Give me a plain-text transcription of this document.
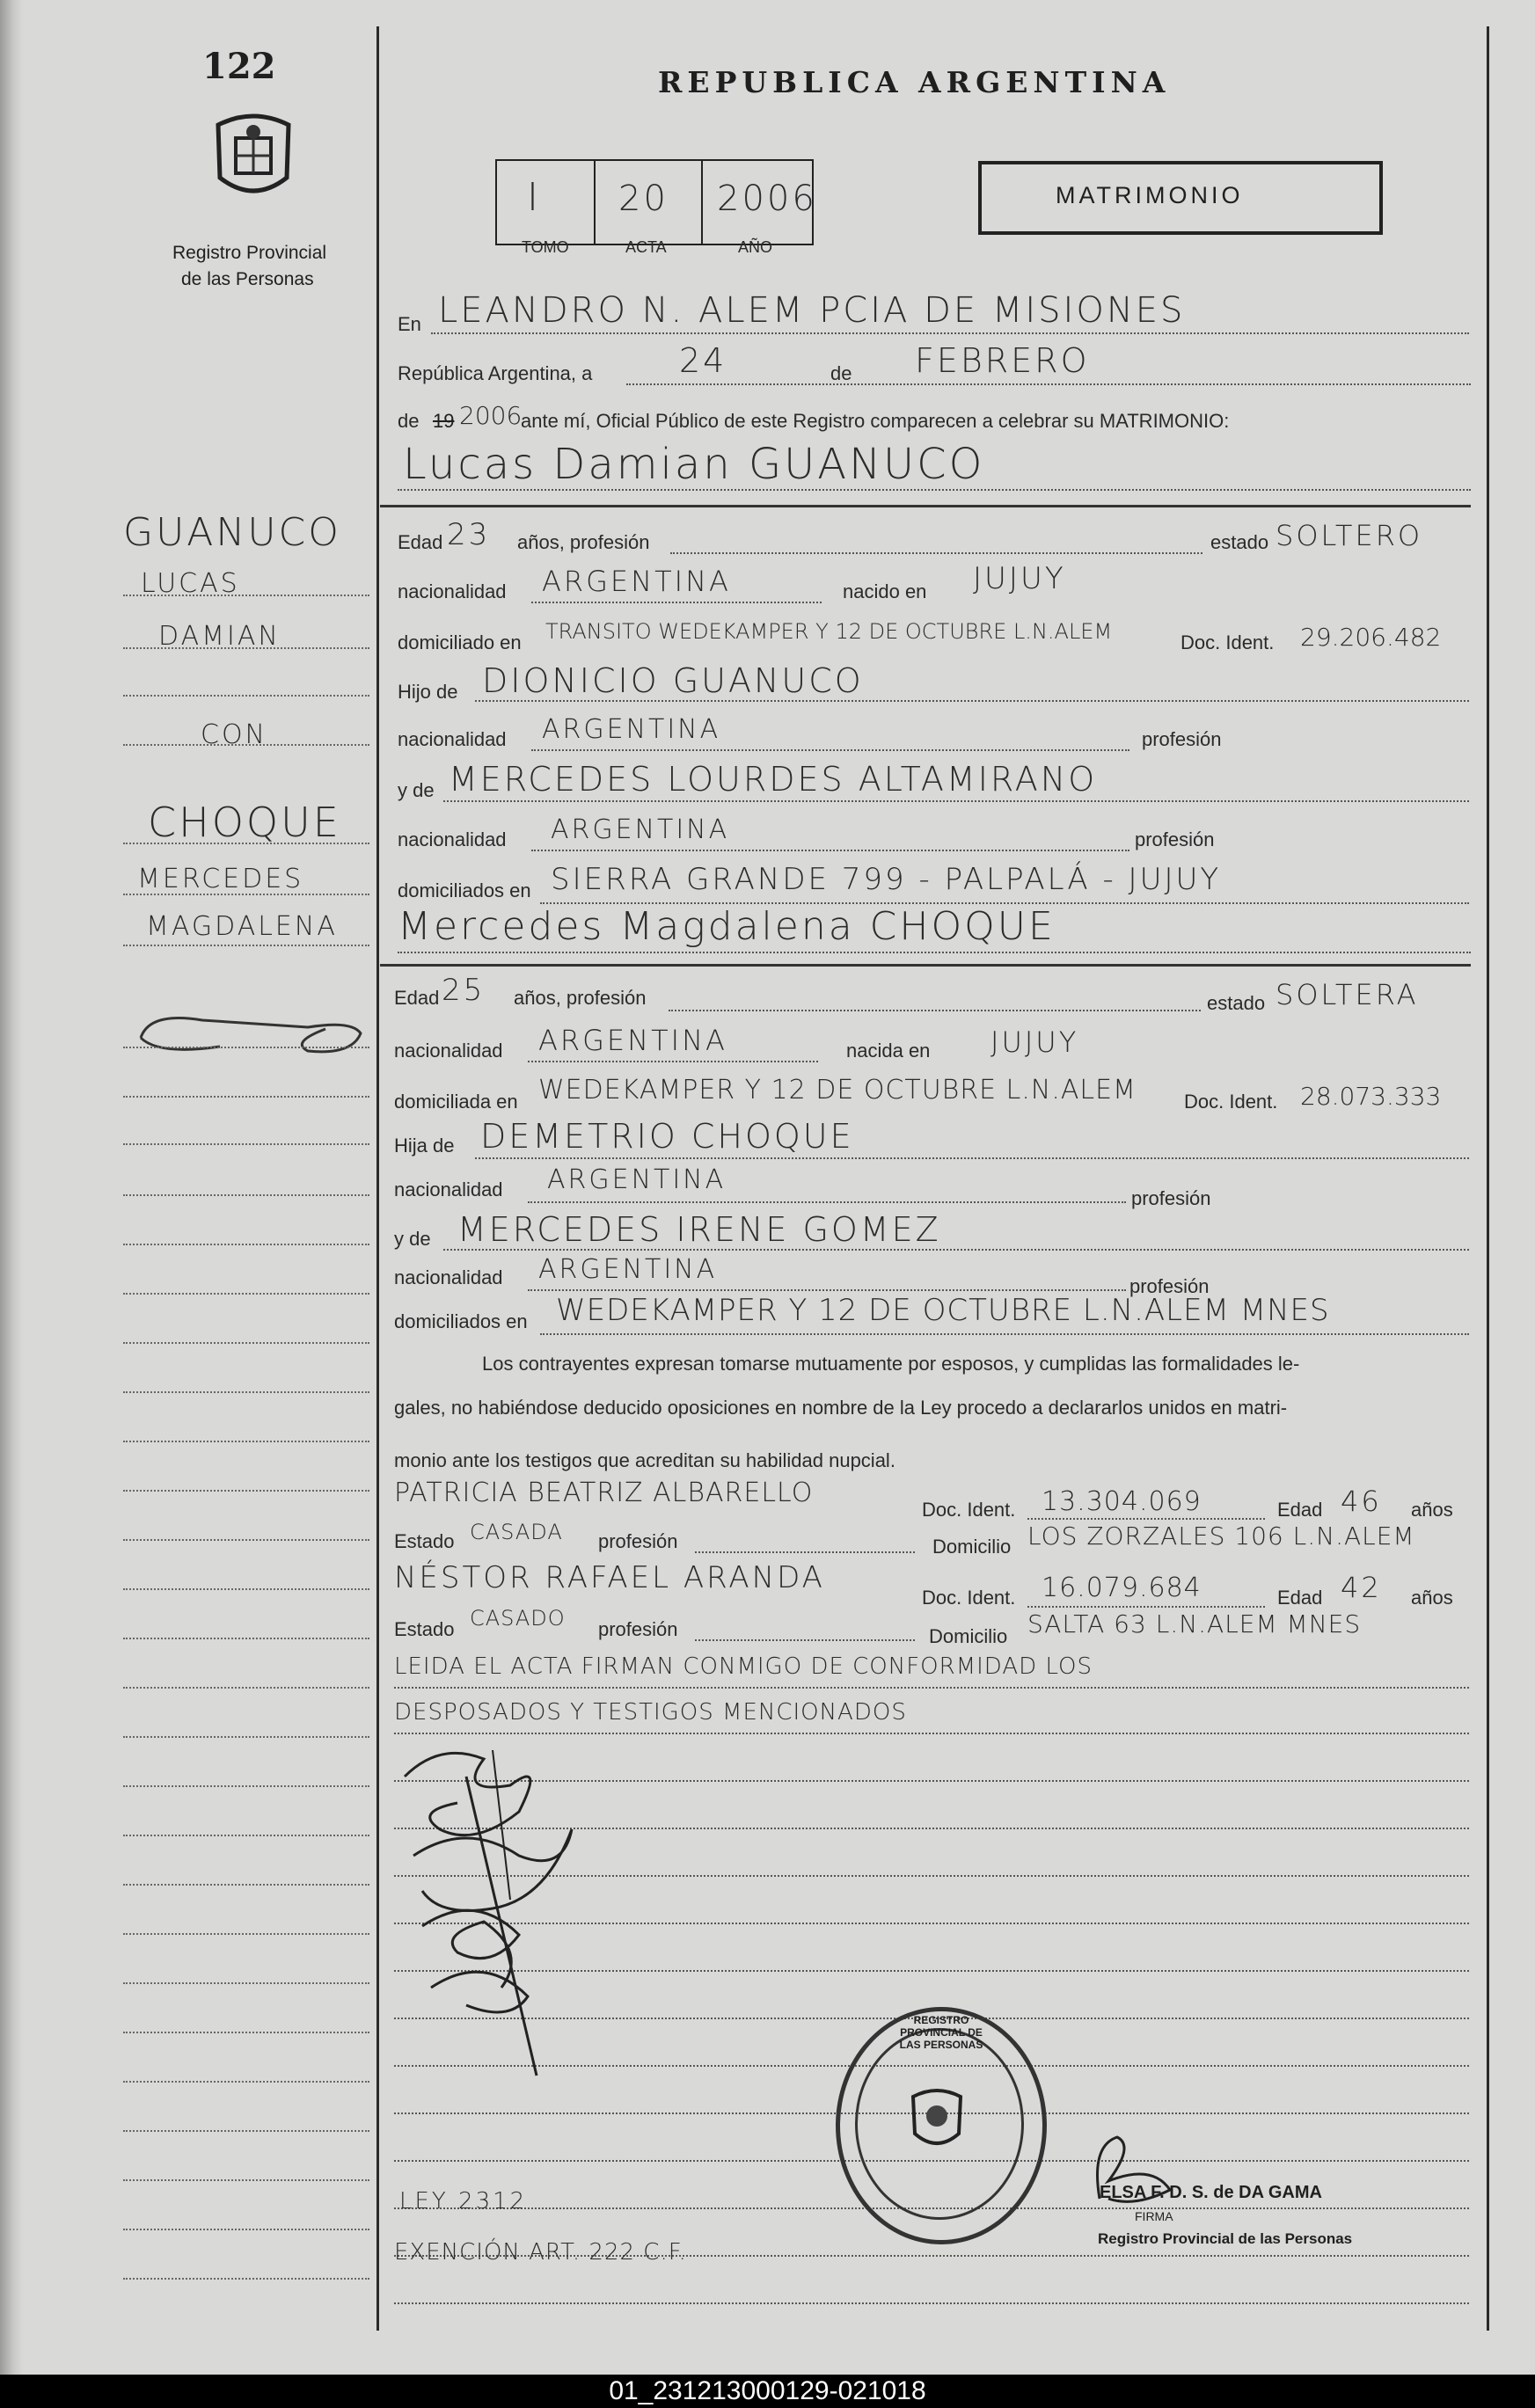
122
Registro Provincial
de las Personas
REPUBLICA ARGENTINA
I 20 2006
TOMO	ACTA	AÑO
MATRIMONIO
En LEANDRO N. ALEM PCIA DE MISIONES
República Argentina, a	24	de FEBRERO
de 19 2006
ante mí, Oficial Público de este Registro comparecen a celebrar su MATRIMONIO:
Lucas Damian GUANUCO
GUANUCO
LUCAS
DAMIAN
CON
CHOQUE
MERCEDES
MAGDALENA
Edad 23 años, profesión	estado SOLTERO
nacionalidad ARGENTINA	nacido en JUJUY
domiciliado en TRANSITO WEDEKAMPER Y 12 DE OCTUBRE L.N.ALEM	Doc. Ident. 29.206.482
Hijo de DIONICIO GUANUCO
nacionalidad ARGENTINA	profesión
y de MERCEDES LOURDES ALTAMIRANO
nacionalidad ARGENTINA	profesión
domiciliados en SIERRA GRANDE 799 - PALPALÁ - JUJUY
Mercedes Magdalena CHOQUE
Edad 25 años, profesión	estado SOLTERA
nacionalidad ARGENTINA	nacida en JUJUY
domiciliada en WEDEKAMPER Y 12 DE OCTUBRE L.N.ALEM Doc. Ident. 28.073.333
Hija de DEMETRIO CHOQUE
nacionalidad ARGENTINA
profesión
y de MERCEDES IRENE GOMEZ
nacionalidad ARGENTINA
profesión
domiciliados en WEDEKAMPER Y 12 DE OCTUBRE L.N.ALEM MNES
Los contrayentes expresan tomarse mutuamente por esposos, y cumplidas las formalidades le-
gales, no habiéndose deducido oposiciones en nombre de la Ley procedo a declararlos unidos en matri-
monio ante los testigos que acreditan su habilidad nupcial.
PATRICIA BEATRIZ ALBARELLO
Doc. Ident. 13.304.069	Edad 46 años
Estado CASADA profesión	Domicilio LOS ZORZALES 106 L.N.ALEM
NÉSTOR RAFAEL ARANDA
Doc. Ident. 16.079.684	Edad 42 años
Estado CASADO profesión	Domicilio SALTA 63 L.N.ALEM MNES
LEIDA EL ACTA FIRMAN CONMIGO DE CONFORMIDAD LOS
DESPOSADOS Y TESTIGOS MENCIONADOS
REGISTRO PROVINCIAL DE LAS PERSONAS
ELSA F. D. S. de DA GAMA
FIRMA
Registro Provincial de las Personas
LEY 2312
EXENCIÓN ART. 222 C.F.
01_231213000129-021018
